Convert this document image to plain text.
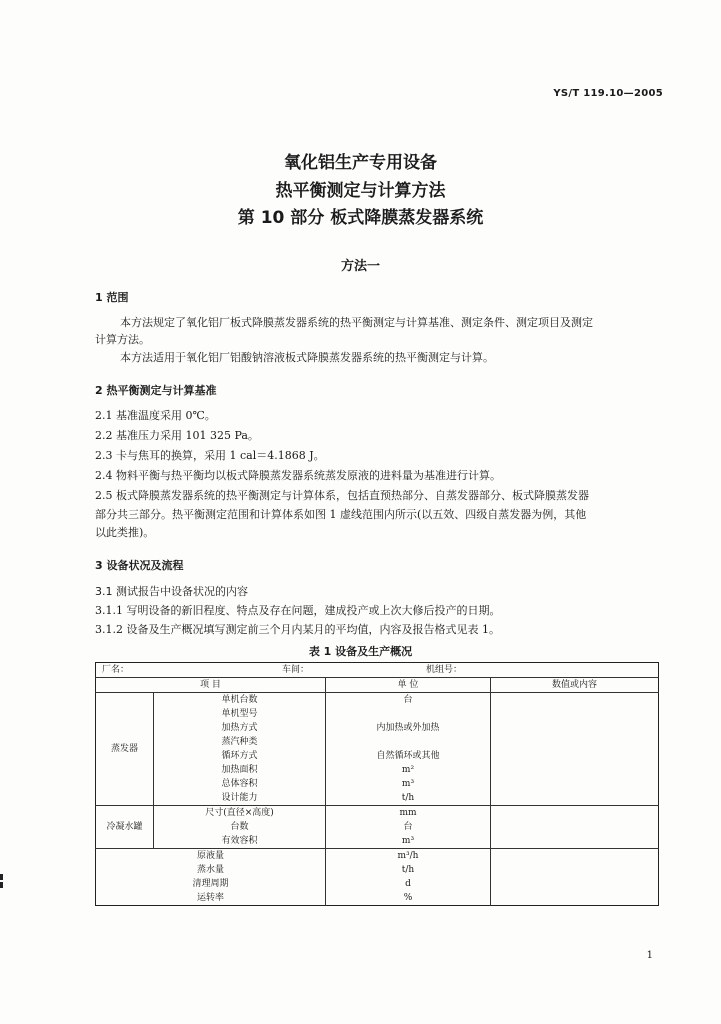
YS/T 119.10—2005
氧化铝生产专用设备
热平衡测定与计算方法
第 10 部分 板式降膜蒸发器系统
方法一
1 范围
本方法规定了氧化铝厂板式降膜蒸发器系统的热平衡测定与计算基准、测定条件、测定项目及测定
计算方法。
本方法适用于氧化铝厂铝酸钠溶液板式降膜蒸发器系统的热平衡测定与计算。
2 热平衡测定与计算基准
2.1 基准温度采用 0℃。
2.2 基准压力采用 101 325 Pa。
2.3 卡与焦耳的换算，采用 1 cal＝4.1868 J。
2.4 物料平衡与热平衡均以板式降膜蒸发器系统蒸发原液的进料量为基准进行计算。
2.5 板式降膜蒸发器系统的热平衡测定与计算体系，包括直预热部分、自蒸发器部分、板式降膜蒸发器
部分共三部分。热平衡测定范围和计算体系如图 1 虚线范围内所示(以五效、四级自蒸发器为例，其他
以此类推)。
3 设备状况及流程
3.1 测试报告中设备状况的内容
3.1.1 写明设备的新旧程度、特点及存在问题，建成投产或上次大修后投产的日期。
3.1.2 设备及生产概况填写测定前三个月内某月的平均值，内容及报告格式见表 1。
表 1 设备及生产概况
厂名： 车间： 机组号：			

项 目		单 位	数值或内容
蒸发器	单机台数	台	
	单机型号		
	加热方式	内加热或外加热	
	蒸汽种类		
	循环方式	自然循环或其他	
	加热面积	m²	
	总体容积	m³	
	设计能力	t/h	
冷凝水罐	尺寸(直径×高度)	mm	
	台数	台	
	有效容积	m³	
原液量		m³/h	
蒸水量		t/h	
清理周期		d	
运转率		%	
1
